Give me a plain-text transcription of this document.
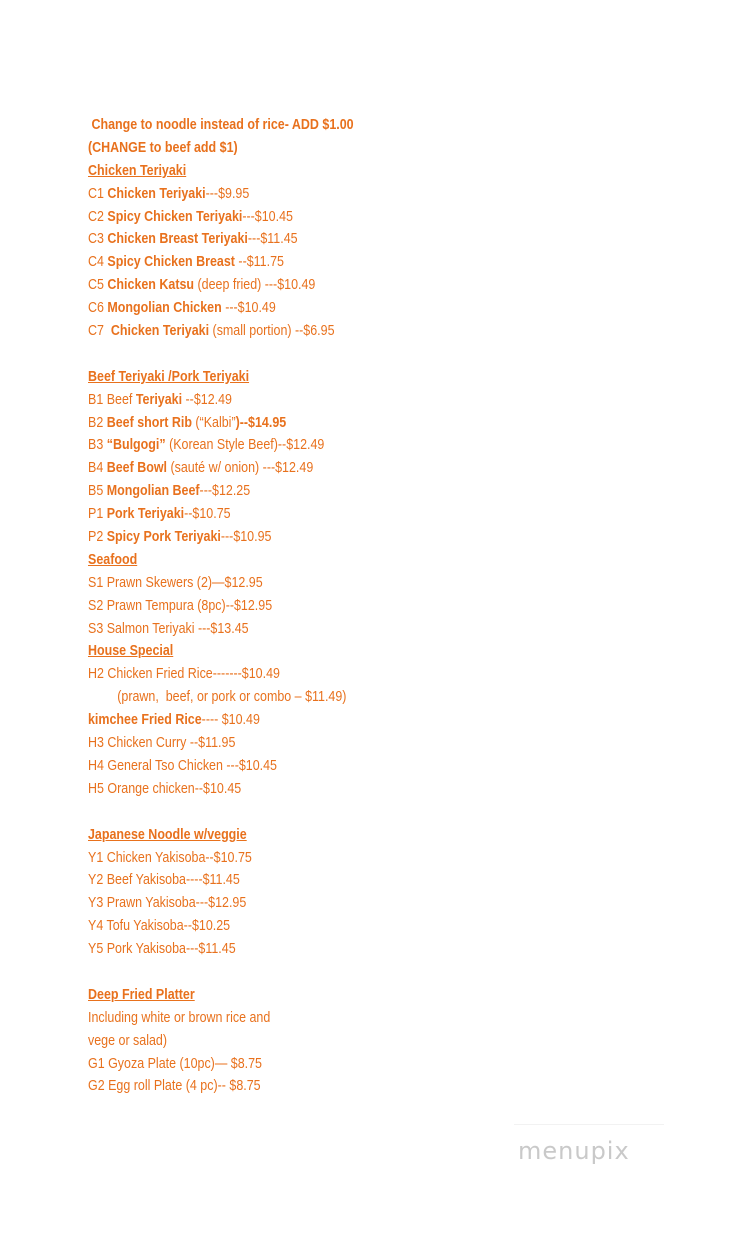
Change to noodle instead of rice- ADD $1.00
(CHANGE to beef add $1)
Chicken Teriyaki
C1 Chicken Teriyaki---$9.95
C2 Spicy Chicken Teriyaki---$10.45
C3 Chicken Breast Teriyaki---$11.45
C4 Spicy Chicken Breast --$11.75
C5 Chicken Katsu (deep fried) ---$10.49
C6 Mongolian Chicken ---$10.49
C7  Chicken Teriyaki (small portion) --$6.95
Beef Teriyaki /Pork Teriyaki
B1 Beef Teriyaki --$12.49
B2 Beef short Rib (“Kalbi”)--$14.95
B3 “Bulgogi” (Korean Style Beef)--$12.49
B4 Beef Bowl (sauté w/ onion) ---$12.49
B5 Mongolian Beef---$12.25
P1 Pork Teriyaki--$10.75
P2 Spicy Pork Teriyaki---$10.95
Seafood
S1 Prawn Skewers (2)—$12.95
S2 Prawn Tempura (8pc)--$12.95
S3 Salmon Teriyaki ---$13.45
House Special
H2 Chicken Fried Rice-------$10.49
(prawn,  beef, or pork or combo – $11.49)
kimchee Fried Rice---- $10.49
H3 Chicken Curry --$11.95
H4 General Tso Chicken ---$10.45
H5 Orange chicken--$10.45
Japanese Noodle w/veggie
Y1 Chicken Yakisoba--$10.75
Y2 Beef Yakisoba----$11.45
Y3 Prawn Yakisoba---$12.95
Y4 Tofu Yakisoba--$10.25
Y5 Pork Yakisoba---$11.45
Deep Fried Platter
Including white or brown rice and
vege or salad)
G1 Gyoza Plate (10pc)— $8.75
G2 Egg roll Plate (4 pc)-- $8.75
menupix
